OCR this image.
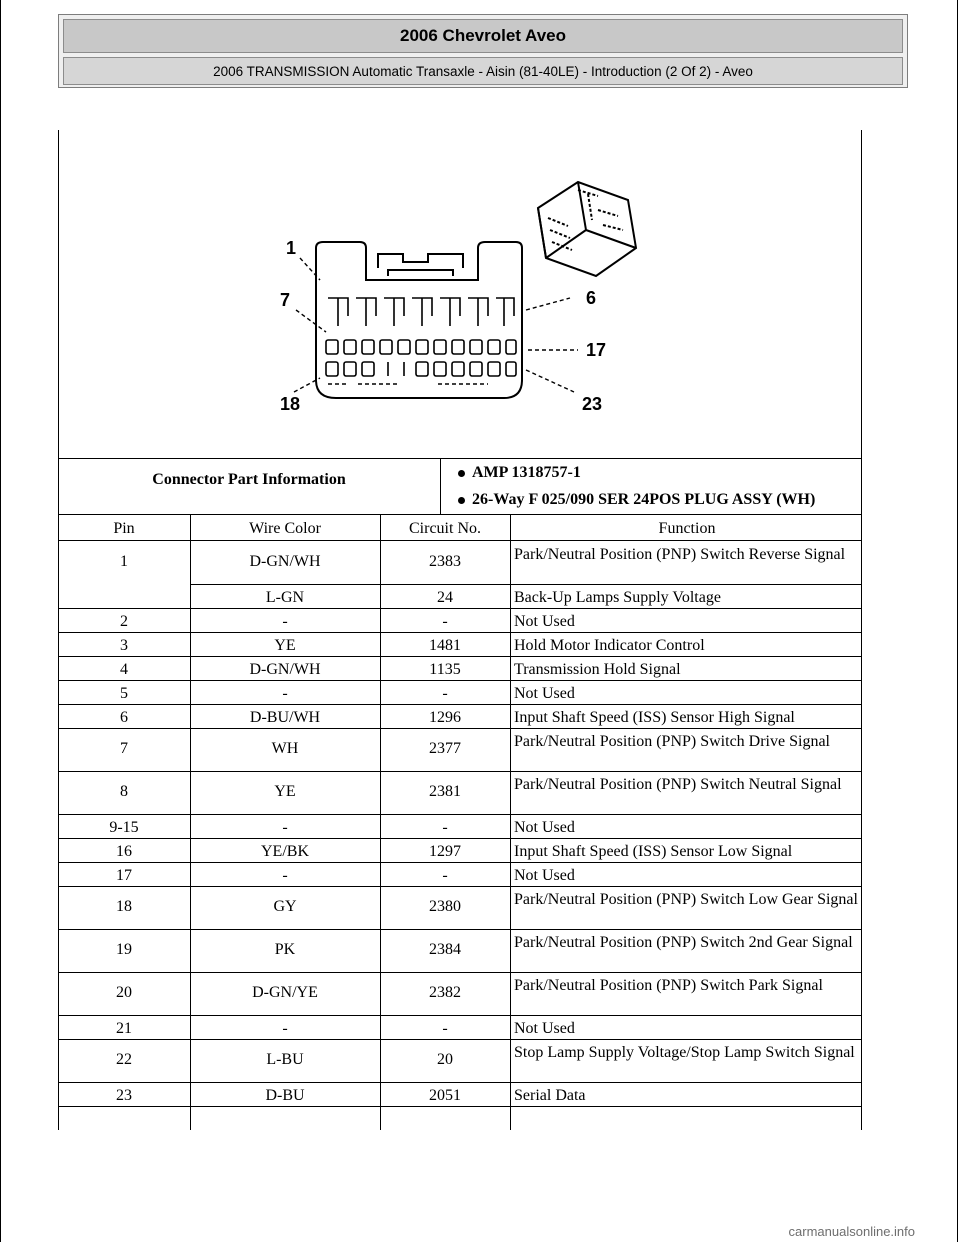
2006 Chevrolet Aveo
2006 TRANSMISSION Automatic Transaxle - Aisin (81-40LE) - Introduction (2 Of 2) - Aveo
1
7
18
6
17
23
Connector Part Information	AMP 1318757-1
26-Way F 025/090 SER 24POS PLUG ASSY (WH)
Pin	Wire Color	Circuit No.	Function
1	D-GN/WH	2383	Park/Neutral Position (PNP) Switch Reverse Signal
L-GN	24	Back-Up Lamps Supply Voltage
2	-	-	Not Used
3	YE	1481	Hold Motor Indicator Control
4	D-GN/WH	1135	Transmission Hold Signal
5	-	-	Not Used
6	D-BU/WH	1296	Input Shaft Speed (ISS) Sensor High Signal
7	WH	2377	Park/Neutral Position (PNP) Switch Drive Signal
8	YE	2381	Park/Neutral Position (PNP) Switch Neutral Signal
9-15	-	-	Not Used
16	YE/BK	1297	Input Shaft Speed (ISS) Sensor Low Signal
17	-	-	Not Used
18	GY	2380	Park/Neutral Position (PNP) Switch Low Gear Signal
19	PK	2384	Park/Neutral Position (PNP) Switch 2nd Gear Signal
20	D-GN/YE	2382	Park/Neutral Position (PNP) Switch Park Signal
21	-	-	Not Used
22	L-BU	20	Stop Lamp Supply Voltage/Stop Lamp Switch Signal
23	D-BU	2051	Serial Data
carmanualsonline.info
